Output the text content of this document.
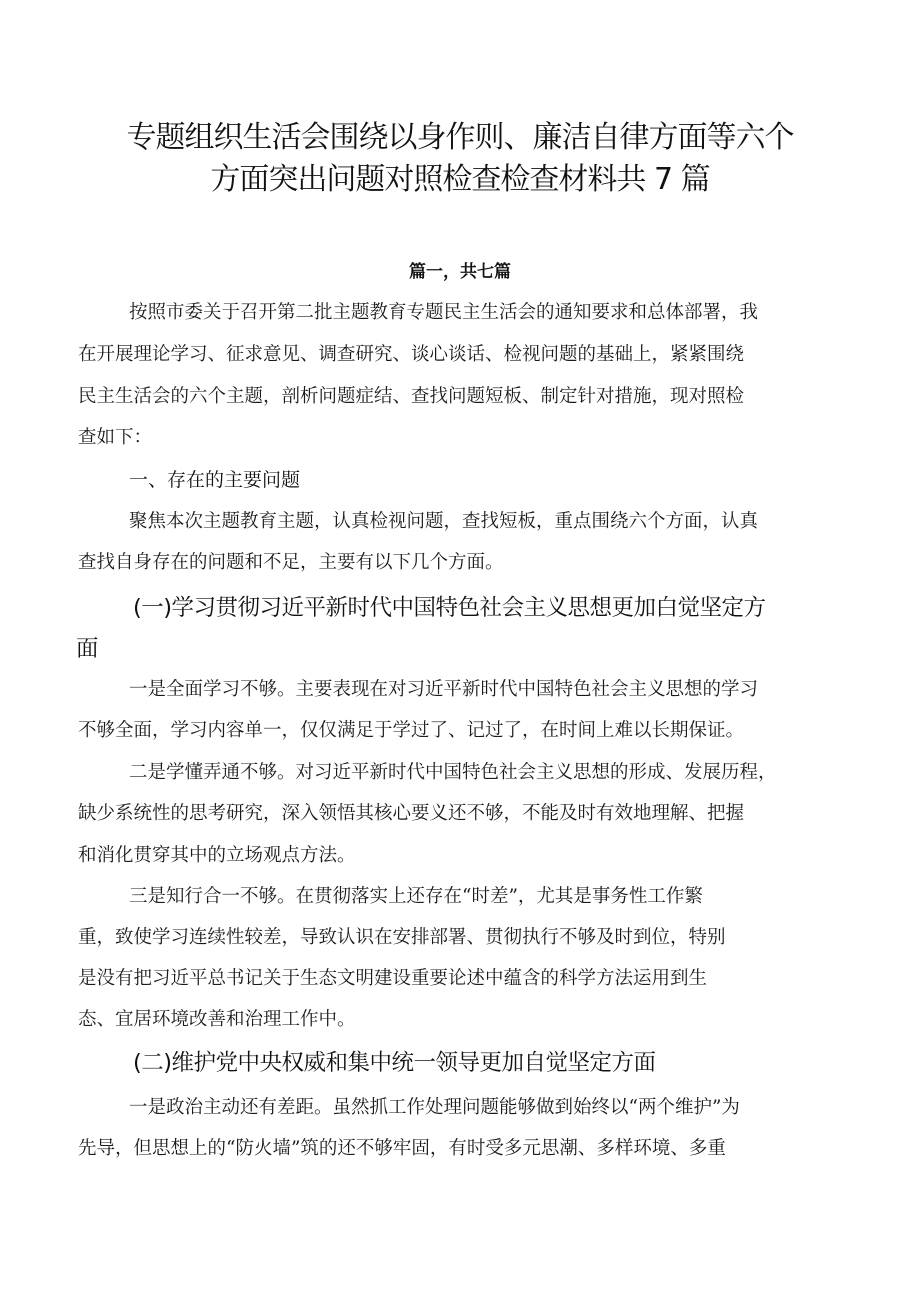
专题组织生活会围绕以身作则、廉洁自律方面等六个
方面突出问题对照检查检查材料共 7 篇
篇一，共七篇
按照市委关于召开第二批主题教育专题民主生活会的通知要求和总体部署，我
在开展理论学习、征求意见、调查研究、谈心谈话、检视问题的基础上，紧紧围绕
民主生活会的六个主题，剖析问题症结、查找问题短板、制定针对措施，现对照检
查如下：
一、存在的主要问题
聚焦本次主题教育主题，认真检视问题，查找短板，重点围绕六个方面，认真
查找自身存在的问题和不足，主要有以下几个方面。
(一)学习贯彻习近平新时代中国特色社会主义思想更加白觉坚定方
面
一是全面学习不够。主要表现在对习近平新时代中国特色社会主义思想的学习
不够全面，学习内容单一，仅仅满足于学过了、记过了，在时间上难以长期保证。
二是学懂弄通不够。对习近平新时代中国特色社会主义思想的形成、发展历程，
缺少系统性的思考研究，深入领悟其核心要义还不够，不能及时有效地理解、把握
和消化贯穿其中的立场观点方法。
三是知行合一不够。在贯彻落实上还存在“时差”，尤其是事务性工作繁
重，致使学习连续性较差，导致认识在安排部署、贯彻执行不够及时到位，特别
是没有把习近平总书记关于生态文明建设重要论述中蕴含的科学方法运用到生
态、宜居环境改善和治理工作中。
(二)维护党中央权威和集中统一领导更加自觉坚定方面
一是政治主动还有差距。虽然抓工作处理问题能够做到始终以“两个维护”为
先导，但思想上的“防火墙”筑的还不够牢固，有时受多元思潮、多样环境、多重
